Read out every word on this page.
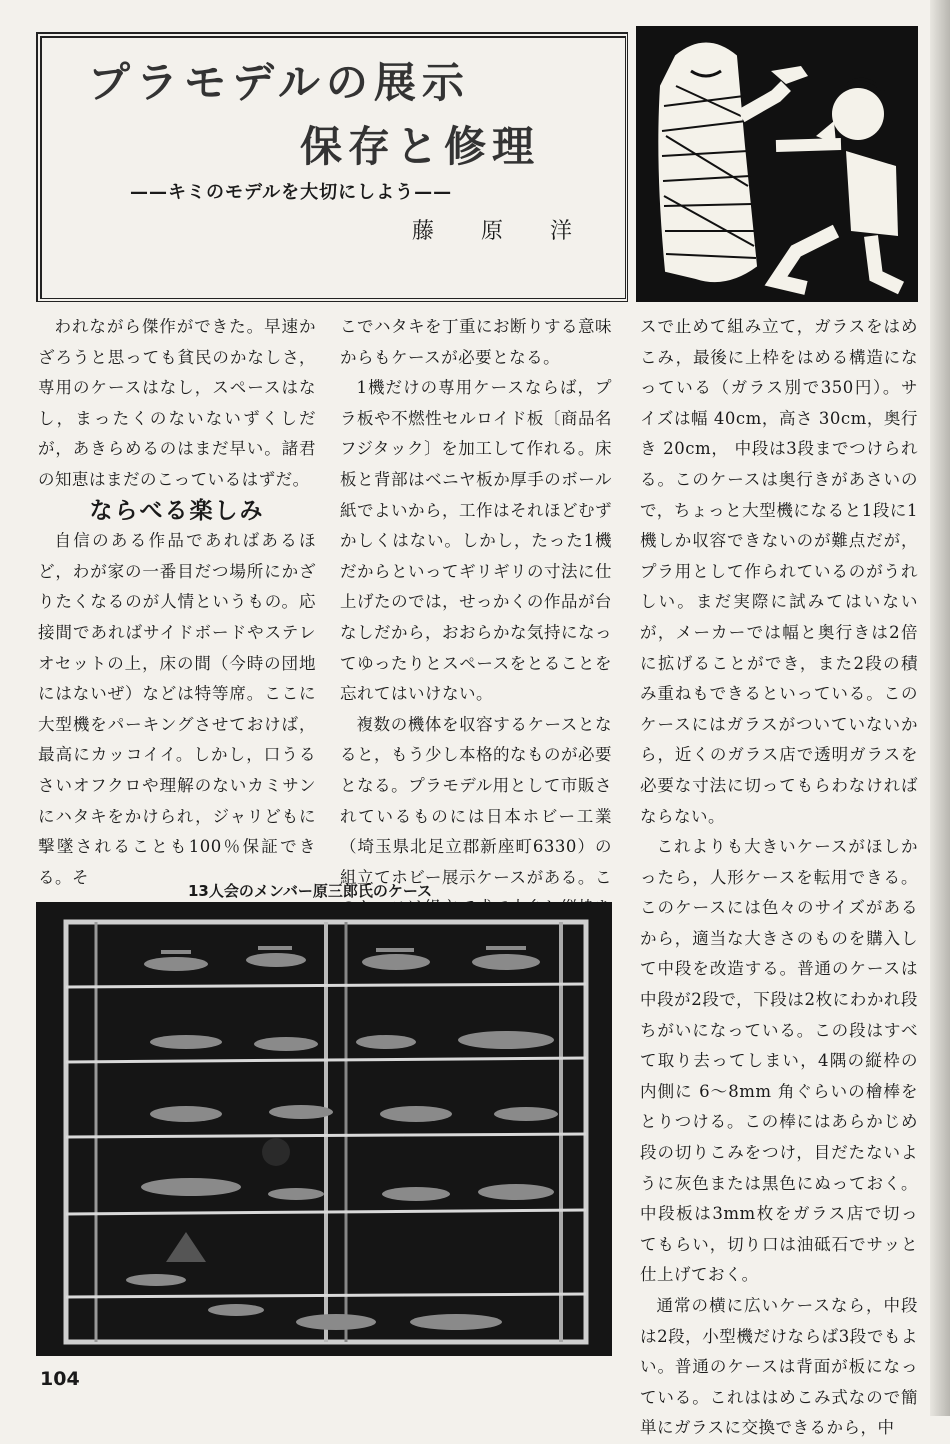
プラモデルの展示
保存と修理
——キミのモデルを大切にしよう——
藤 原 洋
w.

われながら傑作ができた。早速かざろうと思っても貧民のかなしさ，専用のケースはなし，スペースはなし，まったくのないないずくしだが，あきらめるのはまだ早い。諸君の知恵はまだのこっているはずだ。

ならべる楽しみ

自信のある作品であればあるほど，わが家の一番目だつ場所にかざりたくなるのが人情というもの。応接間であればサイドボードやステレオセットの上，床の間（今時の団地にはないぜ）などは特等席。ここに大型機をパーキングさせておけば，最高にカッコイイ。しかし，口うるさいオフクロや理解のないカミサンにハタキをかけられ，ジャリどもに撃墜されることも100％保証できる。そ

こでハタキを丁重にお断りする意味からもケースが必要となる。

1機だけの専用ケースならば，プラ板や不燃性セルロイド板〔商品名フジタック〕を加工して作れる。床板と背部はベニヤ板か厚手のボール紙でよいから，工作はそれほどむずかしくはない。しかし，たった1機だからといってギリギリの寸法に仕上げたのでは，せっかくの作品が台なしだから，おおらかな気持になってゆったりとスペースをとることを忘れてはいけない。

複数の機体を収容するケースとなると，もう少し本格的なものが必要となる。プラモデル用として市販されているものには日本ホビー工業（埼玉県北足立郡新座町6330）の組立てホビー展示ケースがある。こ

スで止めて組み立て，ガラスをはめこみ，最後に上枠をはめる構造になっている（ガラス別で350円）。サイズは幅 40cm，高さ 30cm，奥行き 20cm， 中段は3段までつけられる。このケースは奥行きがあさいので，ちょっと大型機になると1段に1機しか収容できないのが難点だが，プラ用として作られているのがうれしい。まだ実際に試みてはいないが，メーカーでは幅と奥行きは2倍に拡げることができ，また2段の積み重ねもできるといっている。このケースにはガラスがついていないから，近くのガラス店で透明ガラスを必要な寸法に切ってもらわなければならない。

これよりも大きいケースがほしかったら，人形ケースを転用できる。このケースには色々のサイズがあるから，適当な大きさのものを購入して中段を改造する。普通のケースは中段が2段で，下段は2枚にわかれ段ちがいになっている。この段はすべて取り去ってしまい，4隅の縦枠の内側に 6～8mm 角ぐらいの檜棒をとりつける。この棒にはあらかじめ段の切りこみをつけ，目だたないように灰色または黒色にぬっておく。中段板は3mm枚をガラス店で切ってもらい，切り口は油砥石でサッと仕上げておく。

通常の横に広いケースなら，中段は2段，小型機だけならば3段でもよい。普通のケースは背面が板になっている。これははめこみ式なので簡単にガラスに交換できるから，中

13人会のメンバー原三郎氏のケース
104
